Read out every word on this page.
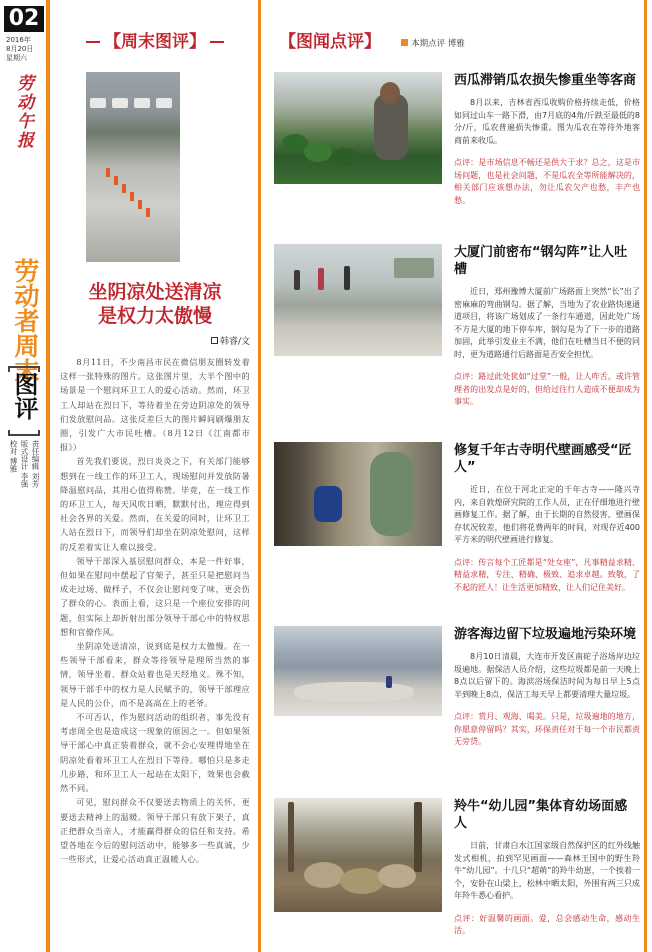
02
2016年
8月20日
星期六
劳动午报
劳动者周末
图评
责任编辑 刘芳
版式设计 李强
校对 博雅
【周末图评】
坐阴凉处送清凉
是权力太傲慢
韩睿/文

8月11日，不少南昌市民在微信朋友圈转发着这样一张特殊的图片。这张图片里，大半个图中的场景是一个慰问环卫工人的爱心活动。然而，环卫工人却站在烈日下，等待着坐在旁边阴凉处的领导们发放慰问品。这张反差巨大的图片瞬间刷爆朋友圈，引发广大市民吐槽。（8月12日《江南都市报》）

首先我们要说，烈日炎炎之下，有关部门能够想到在一线工作的环卫工人，现场慰问并发放防暑降温慰问品，其用心值得称赞。毕竟，在一线工作的环卫工人，每天风吹日晒，默默付出，理应得到社会各界的关爱。然而，在关爱的同时，让环卫工人站在烈日下，而领导们却坐在阴凉处慰问，这样的反差着实让人难以接受。

领导干部深入基层慰问群众，本是一件好事，但如果在慰问中摆起了官架子，甚至只是把慰问当成走过场、做样子，不仅会让慰问变了味，更会伤了群众的心。表面上看，这只是一个座位安排的问题，但实际上却折射出部分领导干部心中的特权思想和官僚作风。

坐阴凉处送清凉，说到底是权力太傲慢。在一些领导干部看来，群众等待领导是理所当然的事情，领导坐着、群众站着也是天经地义。殊不知，领导干部手中的权力是人民赋予的，领导干部理应是人民的公仆，而不是高高在上的老爷。

不可否认，作为慰问活动的组织者，事先没有考虑周全也是造成这一现象的原因之一。但如果领导干部心中真正装着群众，就不会心安理得地坐在阴凉处看着环卫工人在烈日下等待。哪怕只是多走几步路，和环卫工人一起站在太阳下，效果也会截然不同。

可见，慰问群众不仅要送去物质上的关怀，更要送去精神上的温暖。领导干部只有放下架子，真正把群众当亲人，才能赢得群众的信任和支持。希望各地在今后的慰问活动中，能够多一些真诚，少一些形式，让爱心活动真正温暖人心。

【图闻点评】	本期点评 博雅
西瓜滞销瓜农损失惨重坐等客商
8月以来，吉林省西瓜收购价格持续走低，价格如同过山车一路下滑，由7月底的4角/斤跌至最低的8分/斤，瓜农普遍损失惨重。图为瓜农在等待外地客商前来收瓜。
点评：是市场信息不畅还是供大于求？总之，这是市场问题，也是社会问题，不是瓜农全等所能解决的，相关部门应该想办法，勿让瓜农欠产也愁，丰产也愁。
大厦门前密布“钢勾阵”让人吐槽
近日，郑州豫博大厦前广场路面上突然“长”出了密麻麻的弯曲钢勾。据了解，当地为了农业路快速通道项目，将该广场划成了一条行车通道，因此处广场不方是大厦的地下停车库，钢勾是为了下一步的道路加固，此举引发业主不满，他们在吐槽当日不便的同时，更为道路通行后路面是否安全担忧。
点评：路过此处犹如“过堂”一般，让人咋舌。或许管理者的出发点是好的，但给过往行人造成不便却成为事实。
修复千年古寺明代壁画感受“匠人”
近日，在位于河北正定的千年古寺——隆兴寺内，来自敦煌研究院的工作人员，正在仔细地进行壁画修复工作。据了解，由于长期的自然侵害，壁画保存状况较差，他们将花费两年的时间，对现存近400平方米的明代壁画进行修复。
点评：传言每个工匠都是“处女座”，凡事精益求精、精益求精，专注、精确、极致、追求卓越。致敬，了不起的匠人！让生活更加精致，让人们记住美好。
游客海边留下垃圾遍地污染环境
8月10日清晨，大连市开发区南砣子浴场岸边垃圾遍地。据保洁人员介绍，这些垃圾都是前一天晚上8点以后留下的。海滨浴场保洁时间为每日早上5点半到晚上8点，保洁工每天早上都要清理大量垃圾。
点评：赏月、观海、喝美。只是，垃圾遍地的地方，你愿意停留吗？其实，环保责任对于每一个市民都责无旁贷。
羚牛“幼儿园”集体育幼场面感人
日前，甘肃白水江国家级自然保护区的红外线触发式相机，拍到罕见画面——森林王国中的野生羚牛“幼儿园”。十几只“超萌”的羚牛幼崽，一个挨着一个，安卧在山梁上，松林中晒太阳，外围有两三只成年羚牛悉心看护。
点评：好温馨的画面。爱，总会感动生命，感动生活。
